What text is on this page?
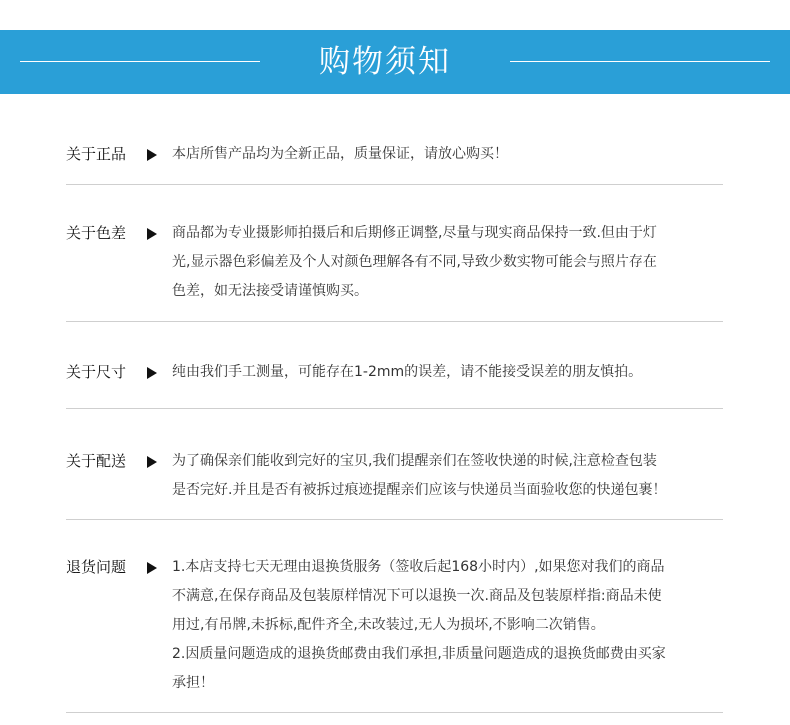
购物须知
关于正品	本店所售产品均为全新正品，质量保证，请放心购买！
关于色差	商品都为专业摄影师拍摄后和后期修正调整,尽量与现实商品保持一致.但由于灯
光,显示器色彩偏差及个人对颜色理解各有不同,导致少数实物可能会与照片存在
色差，如无法接受请谨慎购买。
关于尺寸	纯由我们手工测量，可能存在1-2mm的误差，请不能接受误差的朋友慎拍。
关于配送	为了确保亲们能收到完好的宝贝,我们提醒亲们在签收快递的时候,注意检查包装
是否完好.并且是否有被拆过痕迹提醒亲们应该与快递员当面验收您的快递包裹！
退货问题	1.本店支持七天无理由退换货服务（签收后起168小时内）,如果您对我们的商品
不满意,在保存商品及包装原样情况下可以退换一次.商品及包装原样指:商品未使
用过,有吊牌,未拆标,配件齐全,未改装过,无人为损坏,不影响二次销售。
2.因质量问题造成的退换货邮费由我们承担,非质量问题造成的退换货邮费由买家
承担！
